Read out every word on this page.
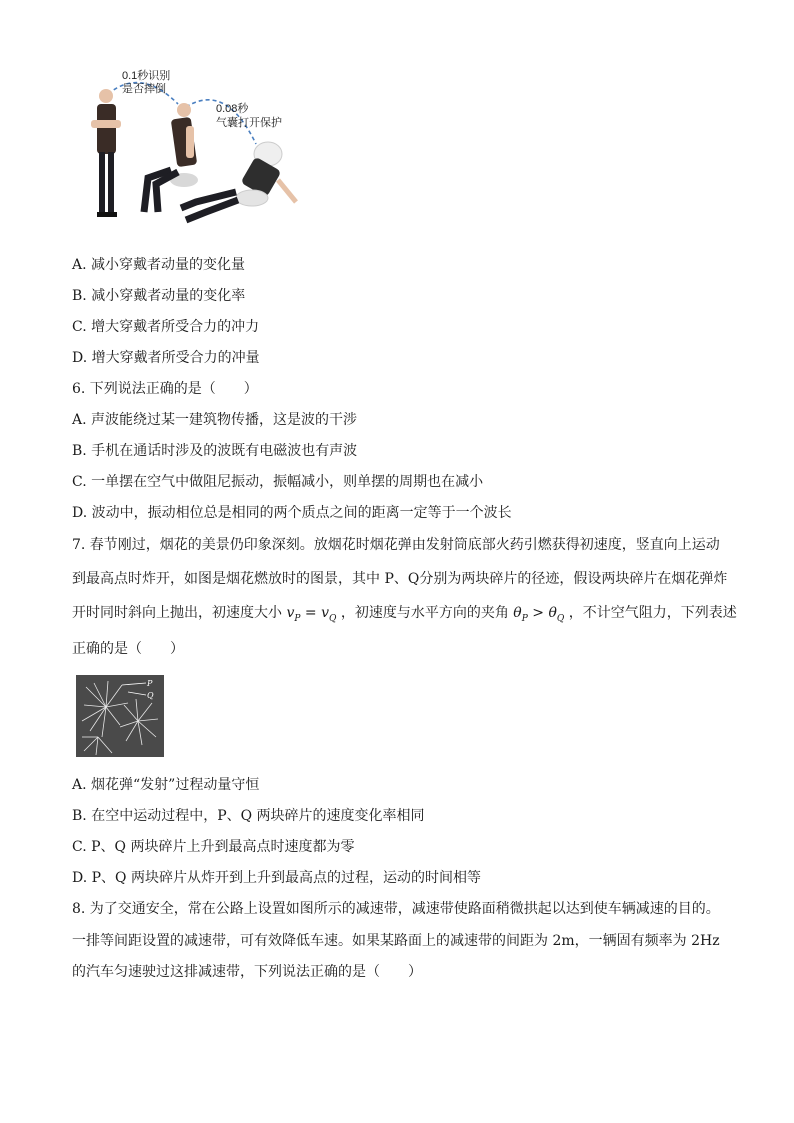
0.1秒识别
是否摔倒
0.08秒
气囊打开保护
A. 减小穿戴者动量的变化量
B. 减小穿戴者动量的变化率
C. 增大穿戴者所受合力的冲力
D. 增大穿戴者所受合力的冲量
6. 下列说法正确的是（　　）
A. 声波能绕过某一建筑物传播，这是波的干涉
B. 手机在通话时涉及的波既有电磁波也有声波
C. 一单摆在空气中做阻尼振动，振幅减小，则单摆的周期也在减小
D. 波动中，振动相位总是相同的两个质点之间的距离一定等于一个波长
7. 春节刚过，烟花的美景仍印象深刻。放烟花时烟花弹由发射筒底部火药引燃获得初速度，竖直向上运动
到最高点时炸开，如图是烟花燃放时的图景，其中 P、Q分别为两块碎片的径迹，假设两块碎片在烟花弹炸
开时同时斜向上抛出，初速度大小 $v_P = v_Q$ ，初速度与水平方向的夹角 $\theta_P > \theta_Q$ ，不计空气阻力，下列表述
正确的是（　　）
P
Q
A. 烟花弹“发射”过程动量守恒
B. 在空中运动过程中，P、Q 两块碎片的速度变化率相同
C. P、Q 两块碎片上升到最高点时速度都为零
D. P、Q 两块碎片从炸开到上升到最高点的过程，运动的时间相等
8. 为了交通安全，常在公路上设置如图所示的减速带，减速带使路面稍微拱起以达到使车辆减速的目的。
一排等间距设置的减速带，可有效降低车速。如果某路面上的减速带的间距为 2m，一辆固有频率为 2Hz
的汽车匀速驶过这排减速带，下列说法正确的是（　　）
